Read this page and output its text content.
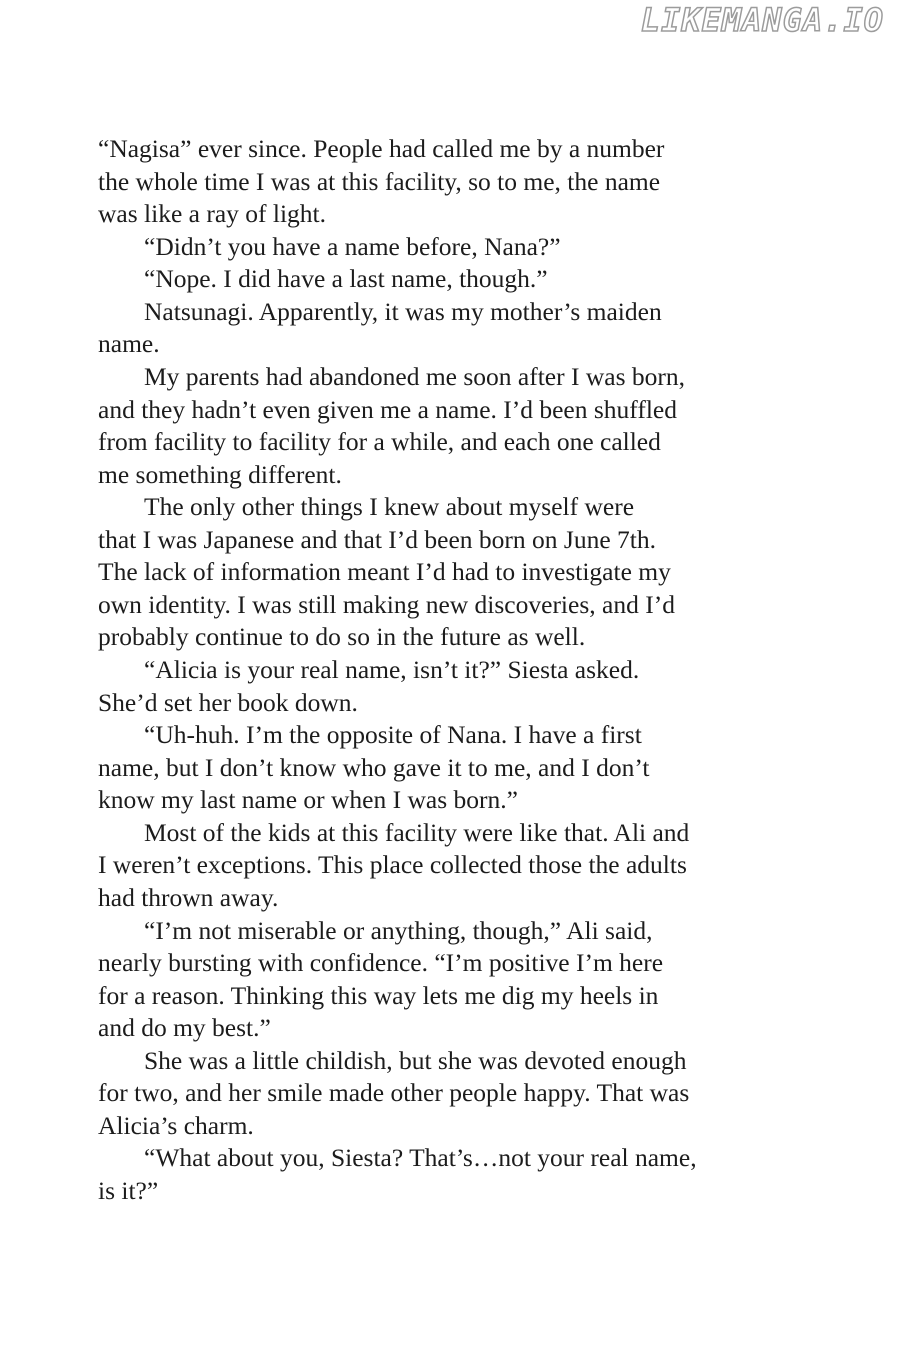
LIKEMANGA.IO
“Nagisa” ever since. People had called me by a number
the whole time I was at this facility, so to me, the name
was like a ray of light.
“Didn’t you have a name before, Nana?”
“Nope. I did have a last name, though.”
Natsunagi. Apparently, it was my mother’s maiden
name.
My parents had abandoned me soon after I was born,
and they hadn’t even given me a name. I’d been shuffled
from facility to facility for a while, and each one called
me something different.
The only other things I knew about myself were
that I was Japanese and that I’d been born on June 7th.
The lack of information meant I’d had to investigate my
own identity. I was still making new discoveries, and I’d
probably continue to do so in the future as well.
“Alicia is your real name, isn’t it?” Siesta asked.
She’d set her book down.
“Uh-huh. I’m the opposite of Nana. I have a first
name, but I don’t know who gave it to me, and I don’t
know my last name or when I was born.”
Most of the kids at this facility were like that. Ali and
I weren’t exceptions. This place collected those the adults
had thrown away.
“I’m not miserable or anything, though,” Ali said,
nearly bursting with confidence. “I’m positive I’m here
for a reason. Thinking this way lets me dig my heels in
and do my best.”
She was a little childish, but she was devoted enough
for two, and her smile made other people happy. That was
Alicia’s charm.
“What about you, Siesta? That’s…not your real name,
is it?”
